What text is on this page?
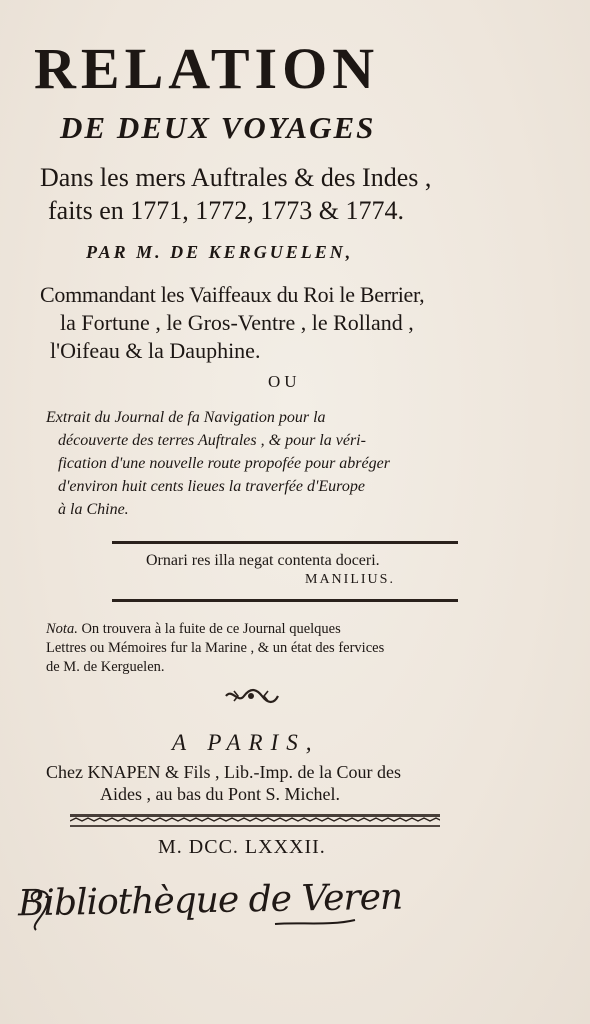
RELATION
DE DEUX VOYAGES
Dans les mers Auftrales & des Indes ,
faits en 1771, 1772, 1773 & 1774.
PAR M. DE KERGUELEN,
Commandant les Vaiffeaux du Roi le Berrier,
la Fortune , le Gros-Ventre , le Rolland ,
l'Oifeau & la Dauphine.
OU
Extrait du Journal de fa Navigation pour la
découverte des terres Auftrales , & pour la véri-
fication d'une nouvelle route propofée pour abréger
d'environ huit cents lieues la traverfée d'Europe
à la Chine.
Ornari res illa negat contenta doceri.
MANILIUS.
Nota. On trouvera à la fuite de ce Journal quelques
Lettres ou Mémoires fur la Marine , & un état des fervices
de M. de Kerguelen.
A PARIS,
Chez KNAPEN & Fils , Lib.-Imp. de la Cour des
Aides , au bas du Pont S. Michel.
M. DCC. LXXXII.
Bibliothèque de Veren
